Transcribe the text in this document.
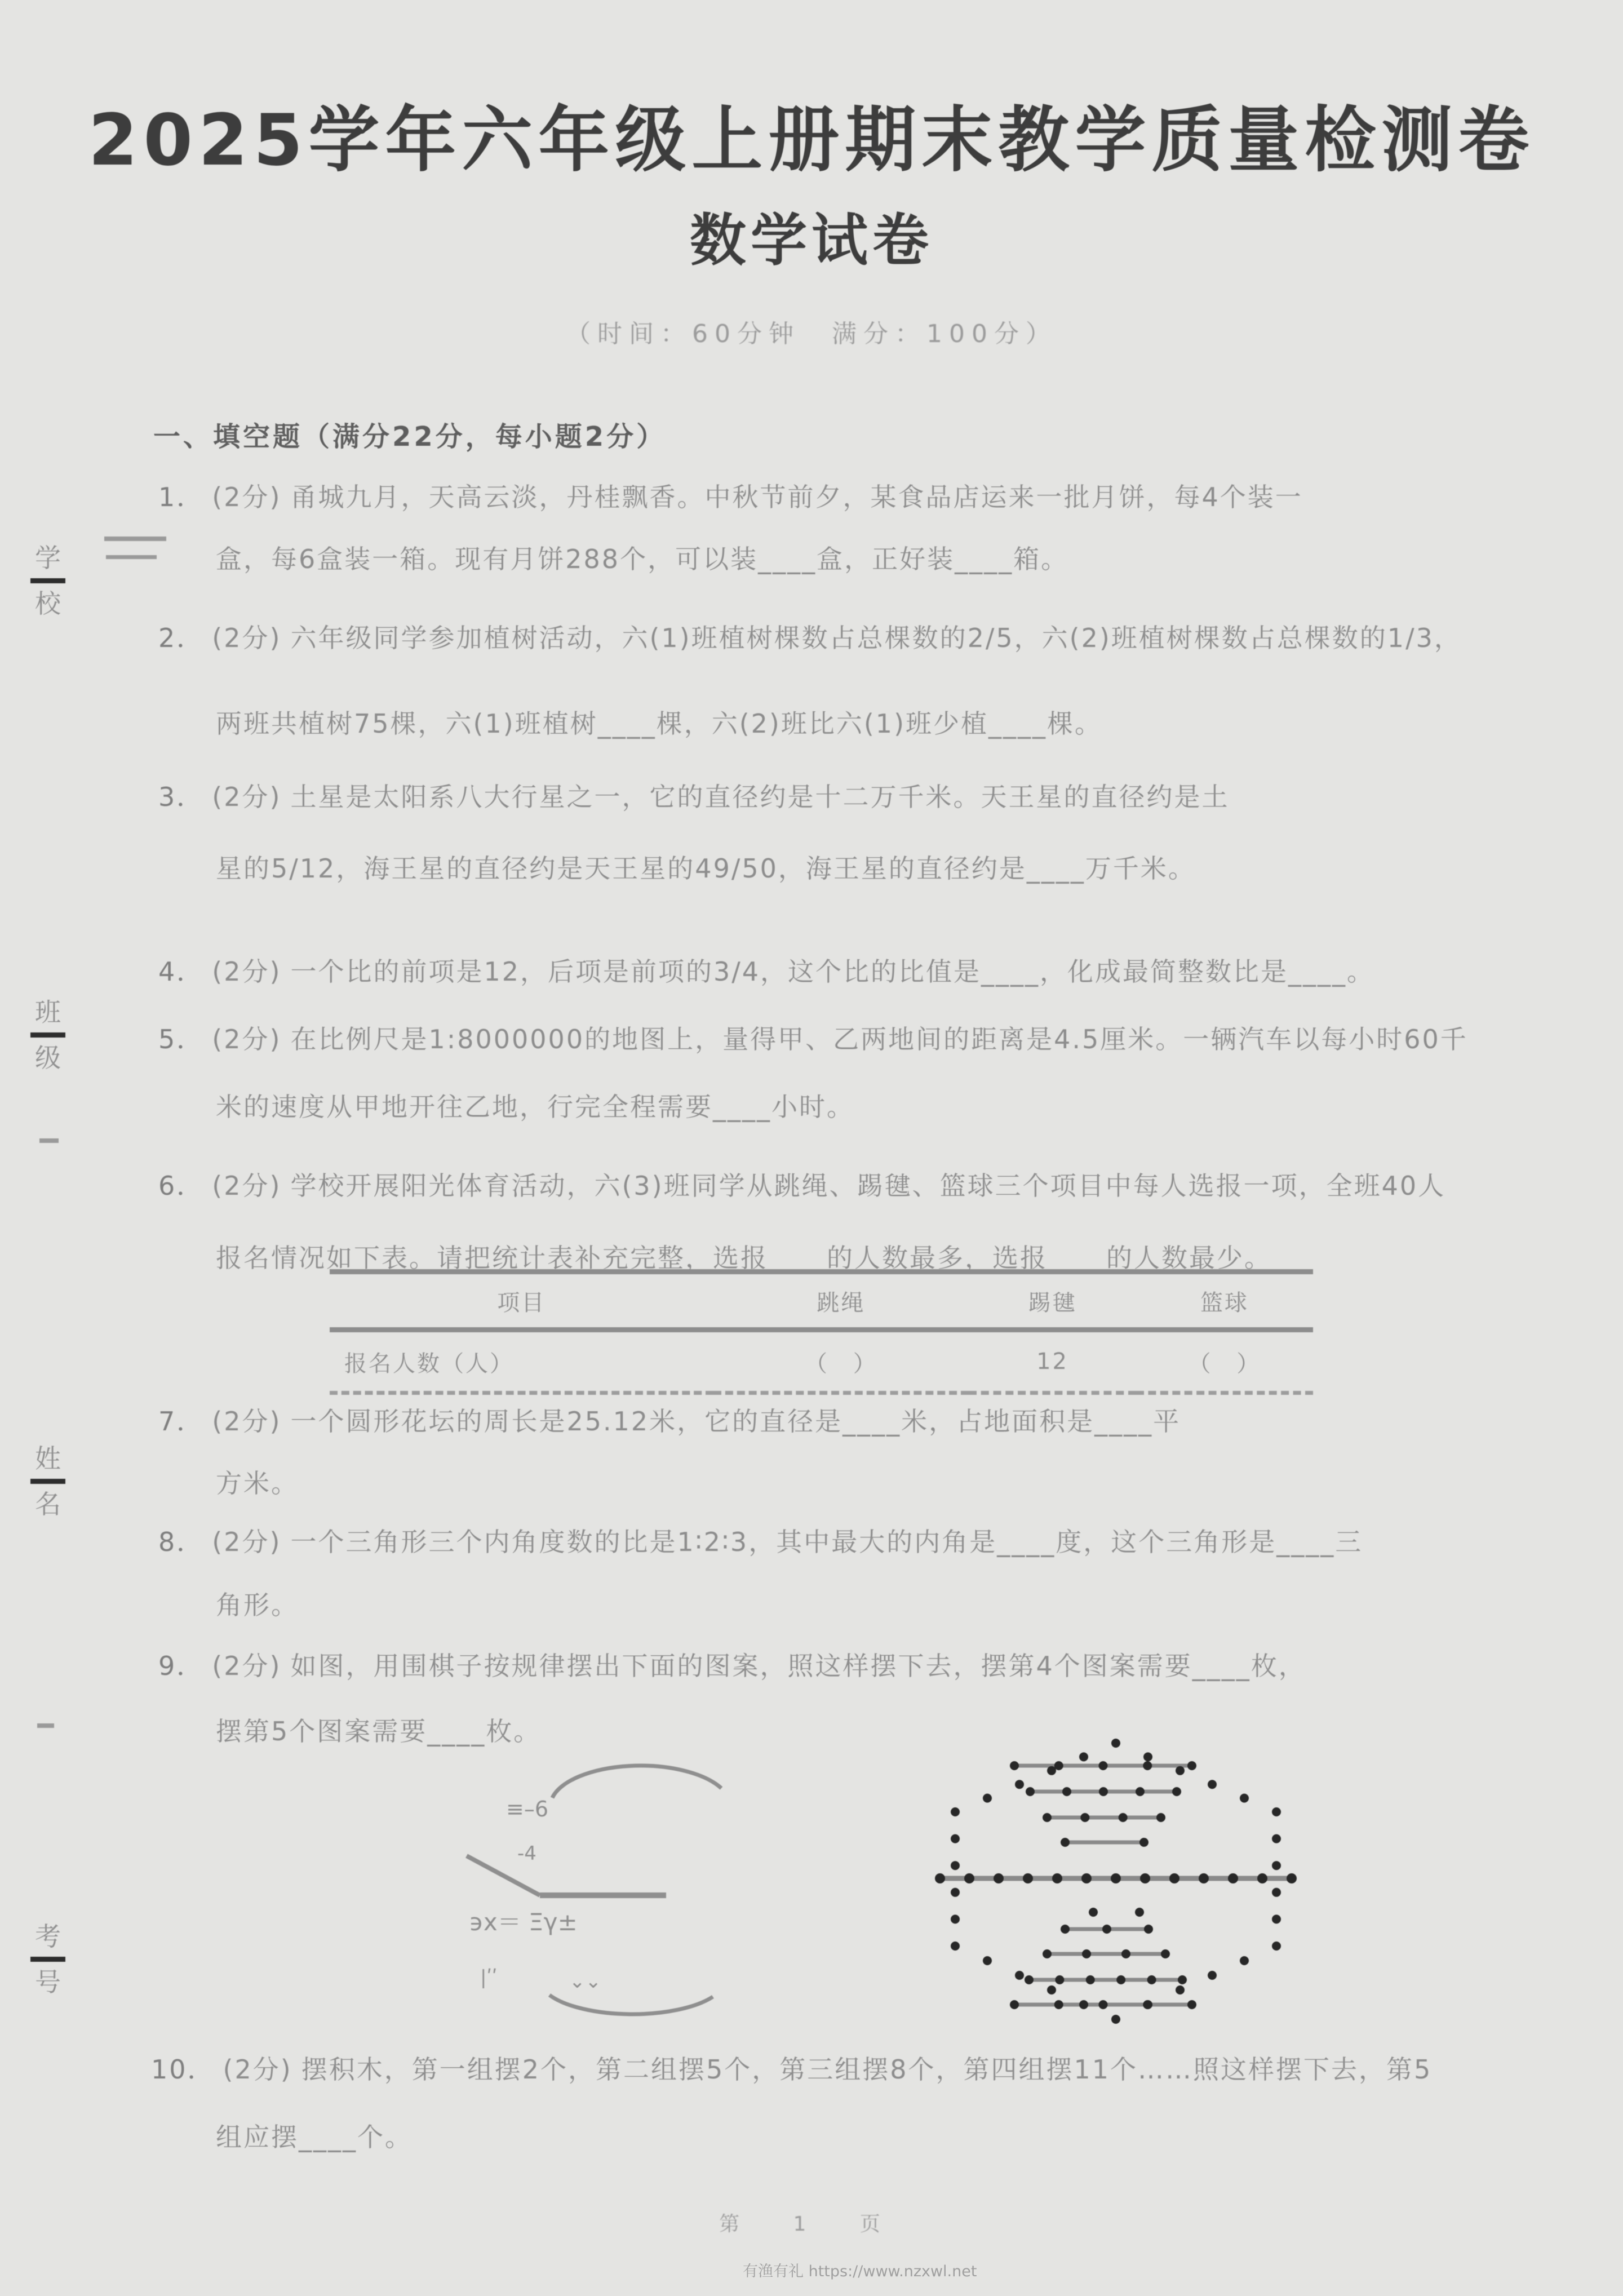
2025学年六年级上册期末教学质量检测卷
数学试卷
（时间：60分钟　满分：100分）
一、填空题（满分22分，每小题2分）
1． (2分) 甬城九月，天高云淡，丹桂飘香。中秋节前夕，某食品店运来一批月饼，每4个装一
盒，每6盒装一箱。现有月饼288个，可以装____盒，正好装____箱。
2． (2分) 六年级同学参加植树活动，六(1)班植树棵数占总棵数的2/5，六(2)班植树棵数占总棵数的1/3，
两班共植树75棵，六(1)班植树____棵，六(2)班比六(1)班少植____棵。
3． (2分) 土星是太阳系八大行星之一，它的直径约是十二万千米。天王星的直径约是土
星的5/12，海王星的直径约是天王星的49/50，海王星的直径约是____万千米。
4． (2分) 一个比的前项是12，后项是前项的3/4，这个比的比值是____，化成最简整数比是____。
5． (2分) 在比例尺是1:8000000的地图上，量得甲、乙两地间的距离是4.5厘米。一辆汽车以每小时60千
米的速度从甲地开往乙地，行完全程需要____小时。
6． (2分) 学校开展阳光体育活动，六(3)班同学从跳绳、踢毽、篮球三个项目中每人选报一项，全班40人
报名情况如下表。请把统计表补充完整，选报____的人数最多，选报____的人数最少。
7． (2分) 一个圆形花坛的周长是25.12米，它的直径是____米，占地面积是____平
方米。
8． (2分) 一个三角形三个内角度数的比是1∶2∶3，其中最大的内角是____度，这个三角形是____三
角形。
9． (2分) 如图，用围棋子按规律摆出下面的图案，照这样摆下去，摆第4个图案需要____枚，
摆第5个图案需要____枚。
10． (2分) 摆积木，第一组摆2个，第二组摆5个，第三组摆8个，第四组摆11个……照这样摆下去，第5
组应摆____个。
项目	跳绳	踢毽	篮球
报名人数（人）	（　）	12	（　）
≡–6
-4
϶x＝ Ξγ±
|ʹʹ	⌄⌄
学
校
班
级
姓
名
考
号
第 1 页
有渔有礼 https://www.nzxwl.net
